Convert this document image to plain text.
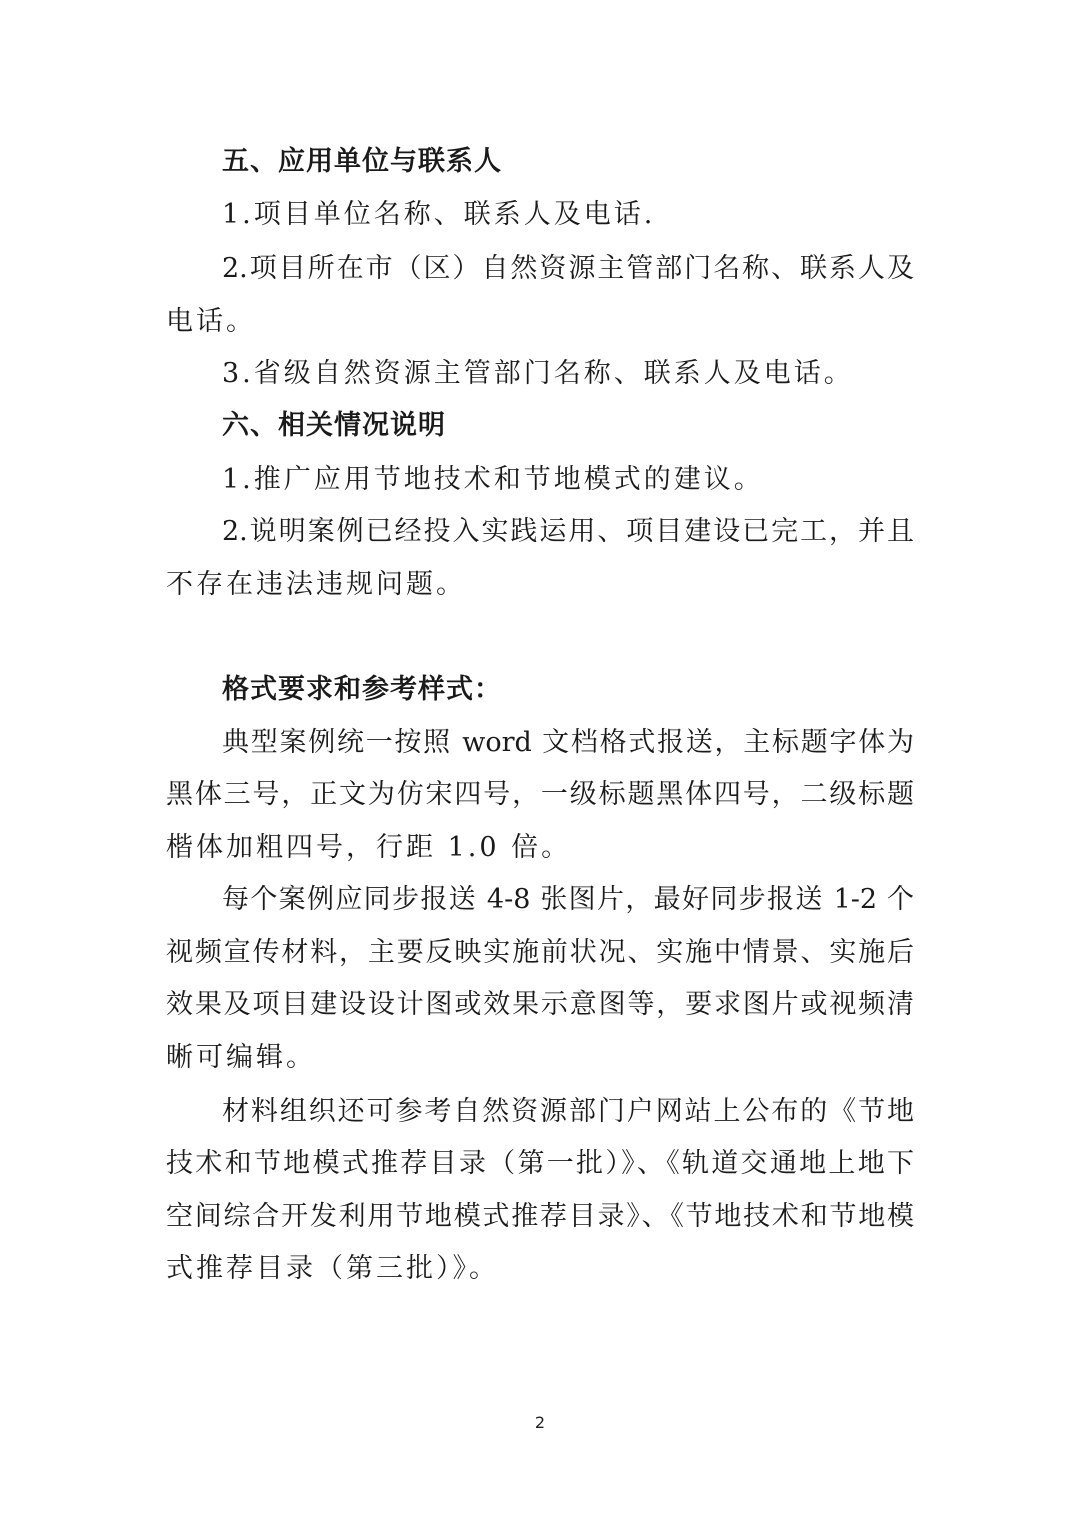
五、应用单位与联系人
1.项目单位名称、联系人及电话.
2.项目所在市（区）自然资源主管部门名称、联系人及
电话。
3.省级自然资源主管部门名称、联系人及电话。
六、相关情况说明
1.推广应用节地技术和节地模式的建议。
2.说明案例已经投入实践运用、项目建设已完工，并且
不存在违法违规问题。
格式要求和参考样式：
典型案例统一按照 word 文档格式报送，主标题字体为
黑体三号，正文为仿宋四号，一级标题黑体四号，二级标题
楷体加粗四号，行距 1.0 倍。
每个案例应同步报送 4-8 张图片，最好同步报送 1-2 个
视频宣传材料，主要反映实施前状况、实施中情景、实施后
效果及项目建设设计图或效果示意图等，要求图片或视频清
晰可编辑。
材料组织还可参考自然资源部门户网站上公布的《节地
技术和节地模式推荐目录（第一批）》、《轨道交通地上地下
空间综合开发利用节地模式推荐目录》、《节地技术和节地模
式推荐目录（第三批）》。
2
